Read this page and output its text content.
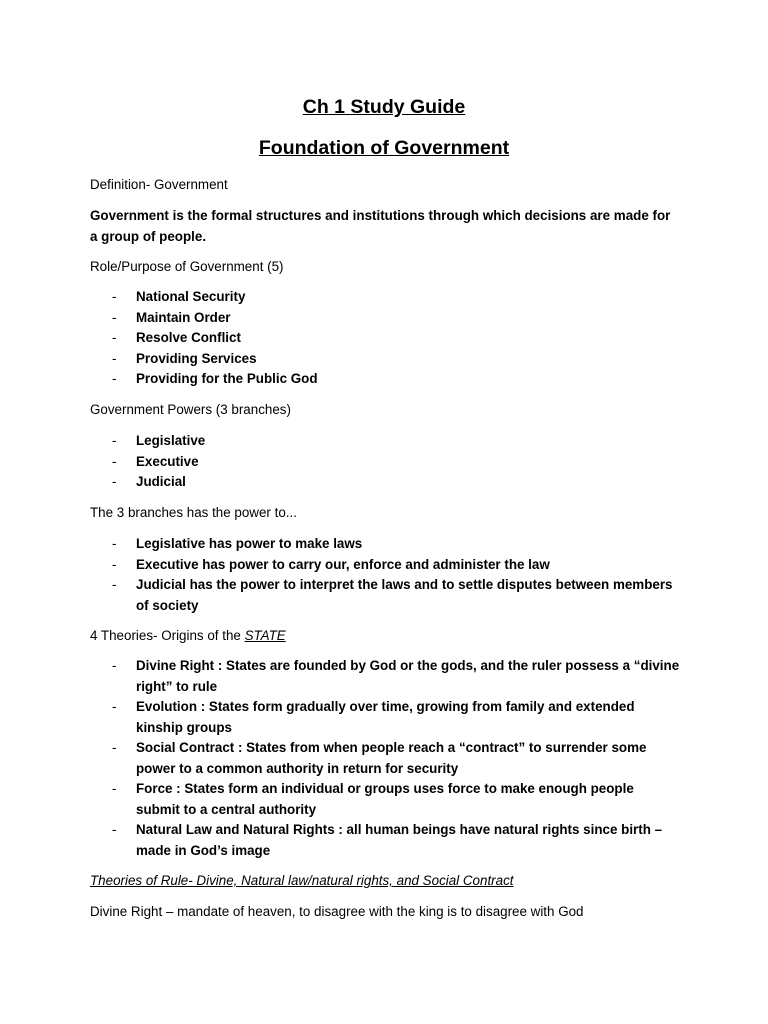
Ch 1 Study Guide
Foundation of Government

Definition- Government

Government is the formal structures and institutions through which decisions are made for a group of people.

Role/Purpose of Government (5)

- National Security
- Maintain Order
- Resolve Conflict
- Providing Services
- Providing for the Public God

Government Powers (3 branches)

- Legislative
- Executive
- Judicial

The 3 branches has the power to...

- Legislative has power to make laws
- Executive has power to carry our, enforce and administer the law
- Judicial has the power to interpret the laws and to settle disputes between members of society

4 Theories- Origins of the STATE

- Divine Right : States are founded by God or the gods, and the ruler possess a “divine right” to rule
- Evolution : States form gradually over time, growing from family and extended kinship groups
- Social Contract : States from when people reach a “contract” to surrender some power to a common authority in return for security
- Force : States form an individual or groups uses force to make enough people submit to a central authority
- Natural Law and Natural Rights : all human beings have natural rights since birth – made in God’s image

Theories of Rule- Divine, Natural law/natural rights, and Social Contract

Divine Right – mandate of heaven, to disagree with the king is to disagree with God
